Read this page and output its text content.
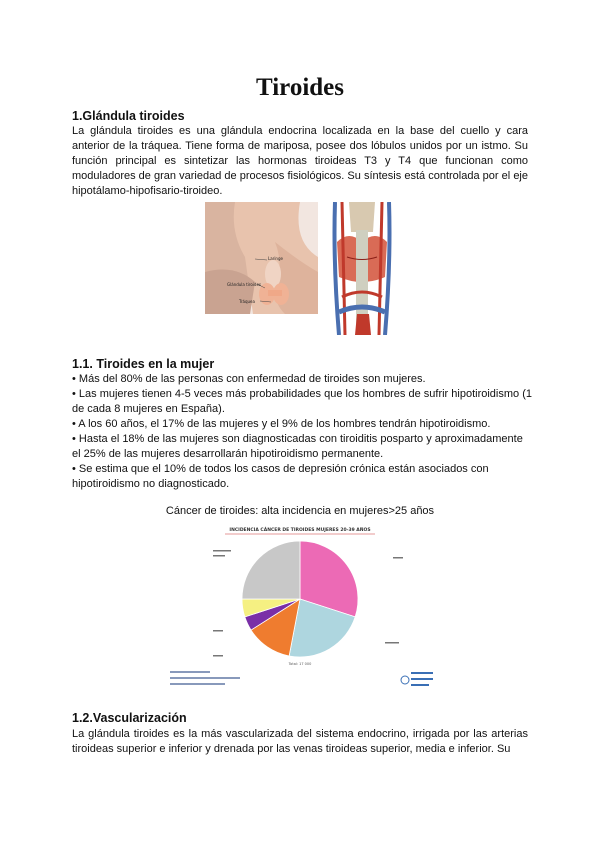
Tiroides
1.Glándula tiroides

La glándula tiroides es una glándula endocrina localizada en la base del cuello y cara anterior de la tráquea. Tiene forma de mariposa, posee dos lóbulos unidos por un istmo. Su función principal es sintetizar las hormonas tiroideas T3 y T4 que funcionan como moduladores de gran variedad de procesos fisiológicos. Su síntesis está controlada por el eje hipotálamo-hipofisario-tiroideo.

Laringe
Glándula tiroides
Tráquea
1.1. Tiroides en la mujer
• Más del 80% de las personas con enfermedad de tiroides son mujeres.
• Las mujeres tienen 4-5 veces más probabilidades que los hombres de sufrir hipotiroidismo (1 de cada 8 mujeres en España).
• A los 60 años, el 17% de las mujeres y el 9% de los hombres tendrán hipotiroidismo.
• Hasta el 18% de las mujeres son diagnosticadas con tiroiditis posparto y aproximadamente el 25% de las mujeres desarrollarán hipotiroidismo permanente.
• Se estima que el 10% de todos los casos de depresión crónica están asociados con hipotiroidismo no diagnosticado.

Cáncer de tiroides: alta incidencia en mujeres>25 años

INCIDENCIA CÁNCER DE TIROIDES MUJERES 20-39 AÑOS
Total: 17 000
1.2.Vascularización

La glándula tiroides es la más vascularizada del sistema endocrino, irrigada por las arterias tiroideas superior e inferior y drenada por las venas tiroideas superior, media e inferior. Su
